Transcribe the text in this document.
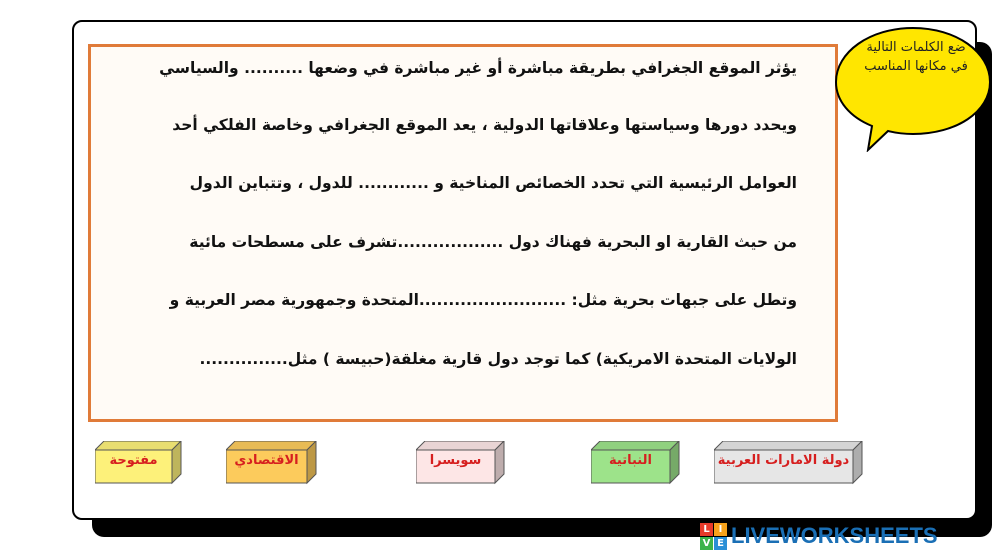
يؤثر الموقع الجغرافي بطريقة مباشرة أو غير مباشرة في وضعها .......... والسياسي
ويحدد دورها وسياستها وعلاقاتها الدولية ، يعد الموقع الجغرافي وخاصة الفلكي أحد
العوامل الرئيسية التي تحدد الخصائص المناخية و ............ للدول ، وتتباين الدول
من حيث القارية او البحرية فهناك دول ..................تشرف على مسطحات مائية
وتطل على جبهات بحرية مثل: .........................المتحدة وجمهورية مصر العربية و
الولايات المتحدة الامريكية) كما توجد دول قارية مغلقة(حبيسة ) مثل...............
ضع الكلمات التالية في مكانها المناسب
مفتوحة	الاقتصادي	سويسرا	النباتية	دولة الامارات العربية
L I
V E LIVEWORKSHEETS
